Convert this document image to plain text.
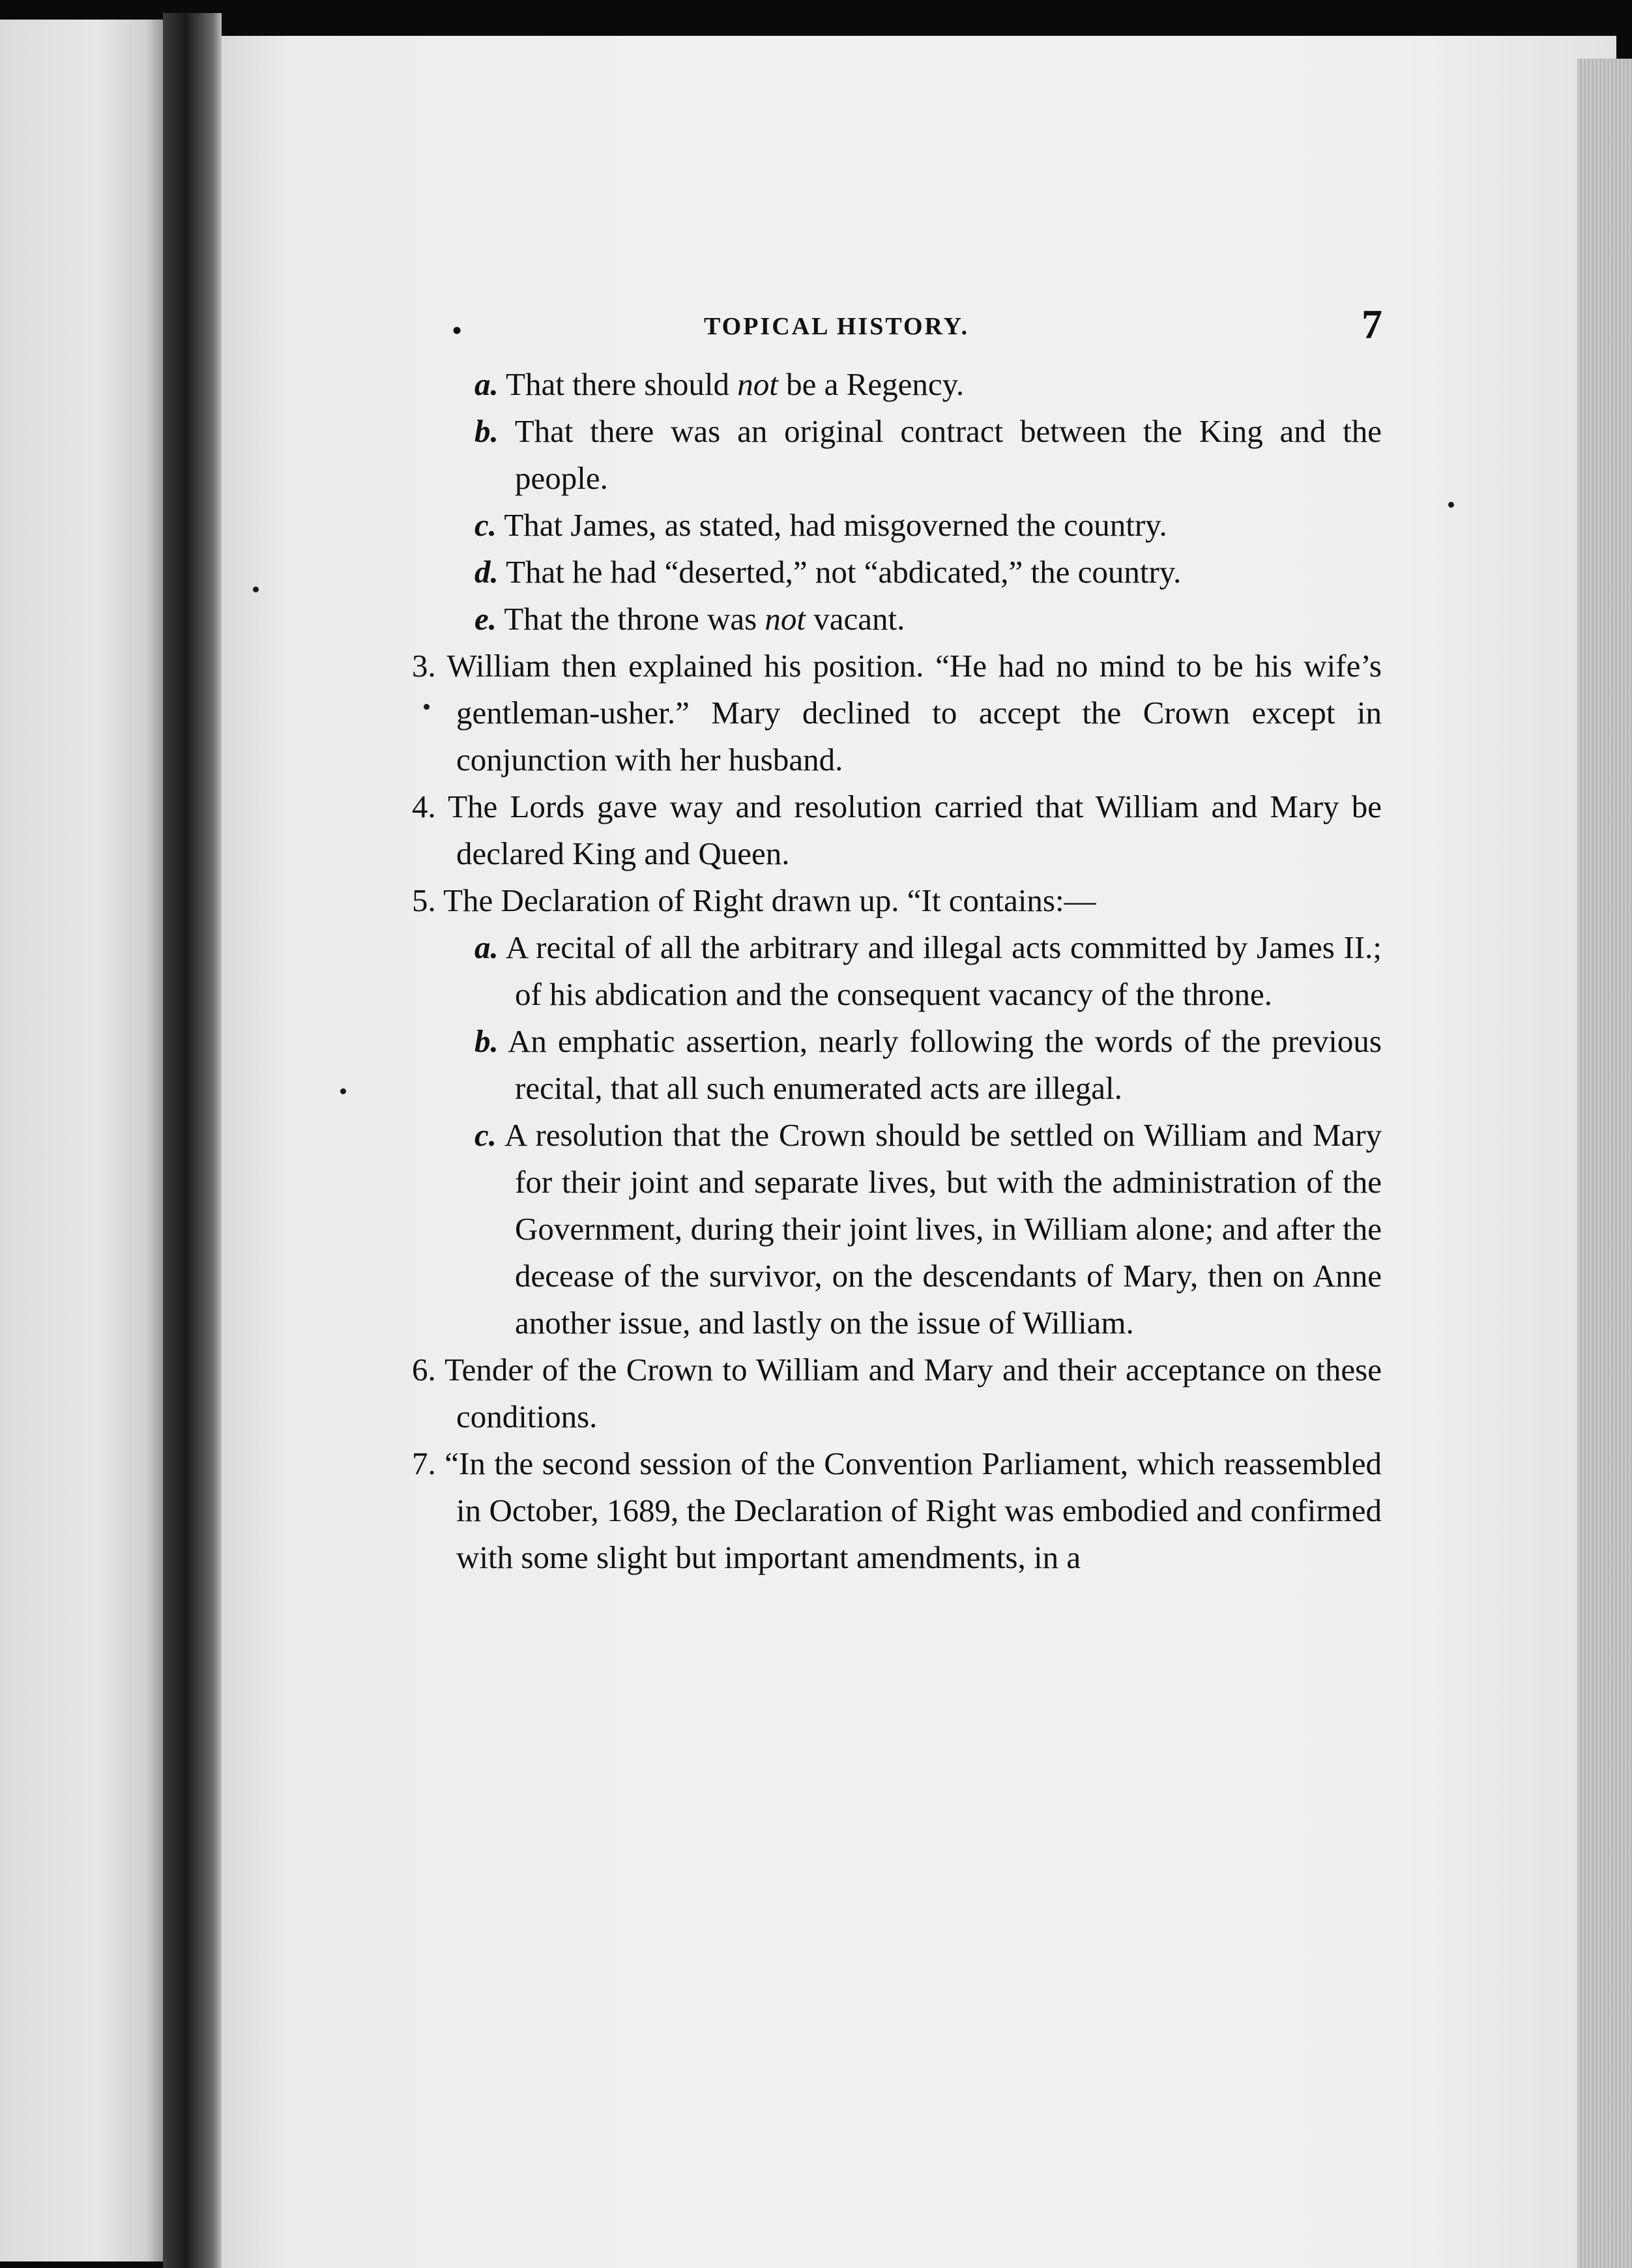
•	TOPICAL HISTORY.	7

a. That there should not be a Regency.

b. That there was an original contract between the King and the people.

c. That James, as stated, had misgoverned the country.

d. That he had “deserted,” not “abdicated,” the country.

e. That the throne was not vacant.

3. William then explained his position. “He had no mind to be his wife’s gentleman-usher.” Mary declined to accept the Crown except in conjunction with her husband.

4. The Lords gave way and resolution carried that William and Mary be declared King and Queen.

5. The Declaration of Right drawn up. “It contains:—

a. A recital of all the arbitrary and illegal acts committed by James II.; of his abdication and the consequent vacancy of the throne.

b. An emphatic assertion, nearly following the words of the previous recital, that all such enumerated acts are illegal.

c. A resolution that the Crown should be settled on William and Mary for their joint and separate lives, but with the administration of the Government, during their joint lives, in William alone; and after the decease of the survivor, on the descendants of Mary, then on Anne another issue, and lastly on the issue of William.

6. Tender of the Crown to William and Mary and their acceptance on these conditions.

7. “In the second session of the Convention Parliament, which reassembled in October, 1689, the Declaration of Right was embodied and confirmed with some slight but important amendments, in a
